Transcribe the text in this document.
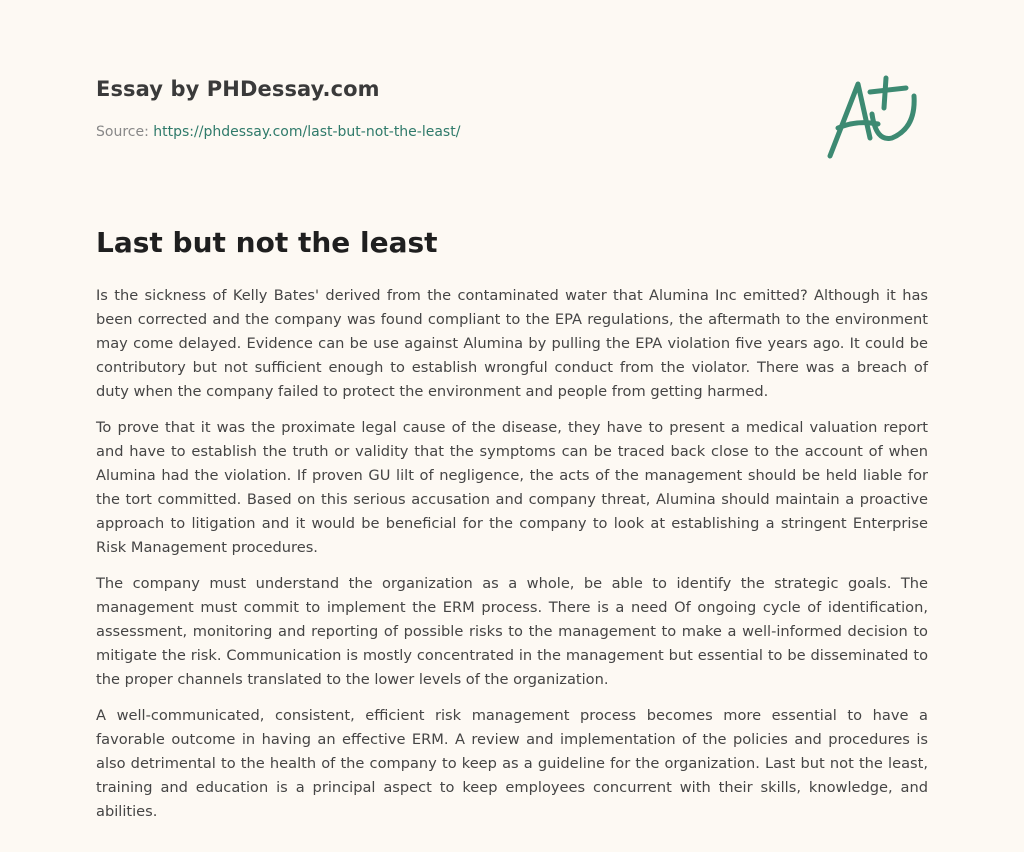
Essay by PHDessay.com
Source: https://phdessay.com/last-but-not-the-least/
Last but not the least

Is the sickness of Kelly Bates' derived from the contaminated water that Alumina Inc emitted? Although it has been corrected and the company was found compliant to the EPA regulations, the aftermath to the environment may come delayed. Evidence can be use against Alumina by pulling the EPA violation five years ago. It could be contributory but not sufficient enough to establish wrongful conduct from the violator. There was a breach of duty when the company failed to protect the environment and people from getting harmed.

To prove that it was the proximate legal cause of the disease, they have to present a medical valuation report and have to establish the truth or validity that the symptoms can be traced back close to the account of when Alumina had the violation. If proven GU lilt of negligence, the acts of the management should be held liable for the tort committed. Based on this serious accusation and company threat, Alumina should maintain a proactive approach to litigation and it would be beneficial for the company to look at establishing a stringent Enterprise Risk Management procedures.

The company must understand the organization as a whole, be able to identify the strategic goals. The management must commit to implement the ERM process. There is a need Of ongoing cycle of identification, assessment, monitoring and reporting of possible risks to the management to make a well-informed decision to mitigate the risk. Communication is mostly concentrated in the management but essential to be disseminated to the proper channels translated to the lower levels of the organization.

A well-communicated, consistent, efficient risk management process becomes more essential to have a favorable outcome in having an effective ERM. A review and implementation of the policies and procedures is also detrimental to the health of the company to keep as a guideline for the organization. Last but not the least, training and education is a principal aspect to keep employees concurrent with their skills, knowledge, and abilities.
